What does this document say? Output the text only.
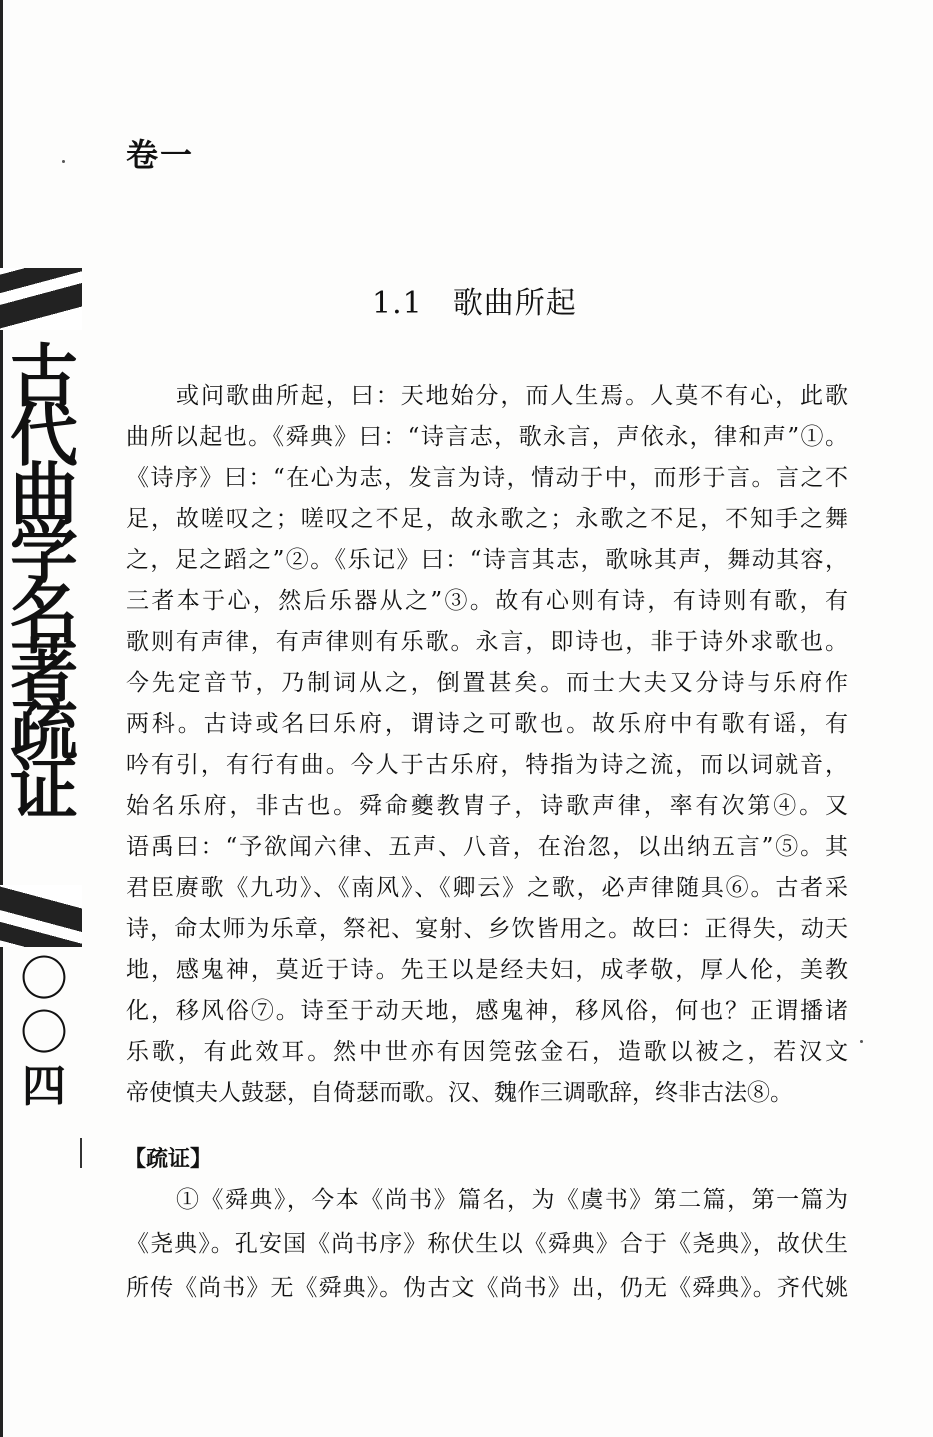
古
代
曲
学
名
著
疏
证
〇
〇
四
卷一
1.1 歌曲所起
或问歌曲所起，曰：天地始分，而人生焉。人莫不有心，此歌
曲所以起也。《舜典》曰：“诗言志，歌永言，声依永，律和声”①。
《诗序》曰：“在心为志，发言为诗，情动于中，而形于言。言之不
足，故嗟叹之；嗟叹之不足，故永歌之；永歌之不足，不知手之舞
之，足之蹈之”②。《乐记》曰：“诗言其志，歌咏其声，舞动其容，
三者本于心，然后乐器从之”③。故有心则有诗，有诗则有歌，有
歌则有声律，有声律则有乐歌。永言，即诗也，非于诗外求歌也。
今先定音节，乃制词从之，倒置甚矣。而士大夫又分诗与乐府作
两科。古诗或名曰乐府，谓诗之可歌也。故乐府中有歌有谣，有
吟有引，有行有曲。今人于古乐府，特指为诗之流，而以词就音，
始名乐府，非古也。舜命夔教胄子，诗歌声律，率有次第④。又
语禹曰：“予欲闻六律、五声、八音，在治忽，以出纳五言”⑤。其
君臣赓歌《九功》、《南风》、《卿云》之歌，必声律随具⑥。古者采
诗，命太师为乐章，祭祀、宴射、乡饮皆用之。故曰：正得失，动天
地，感鬼神，莫近于诗。先王以是经夫妇，成孝敬，厚人伦，美教
化，移风俗⑦。诗至于动天地，感鬼神，移风俗，何也？正谓播诸
乐歌，有此效耳。然中世亦有因筦弦金石，造歌以被之，若汉文
帝使慎夫人鼓瑟，自倚瑟而歌。汉、魏作三调歌辞，终非古法⑧。
【疏证】
①《舜典》，今本《尚书》篇名，为《虞书》第二篇，第一篇为
《尧典》。孔安国《尚书序》称伏生以《舜典》合于《尧典》，故伏生
所传《尚书》无《舜典》。伪古文《尚书》出，仍无《舜典》。齐代姚
